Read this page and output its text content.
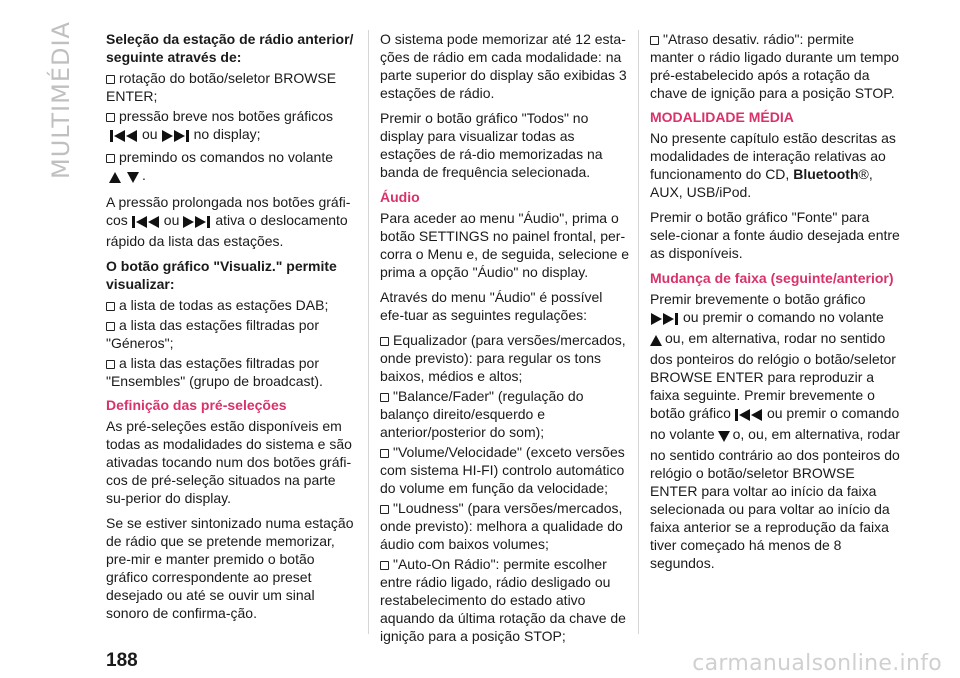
MULTIMÉDIA Seleção da estação de rádio anterior/ seguinte através de:
rotação do botão/seletor BROWSE ENTER;
pressão breve nos botões gráficos
ou	no display;
premindo os comandos no volante
.

A pressão prolongada nos botões gráfi-cos	ou	ativa o deslocamento rápido da lista das estações.

O botão gráfico "Visualiz." permite visualizar:
a lista de todas as estações DAB;
a lista das estações filtradas por "Géneros";
a lista das estações filtradas por "Ensembles" (grupo de broadcast).
Definição das pré-seleções

As pré-seleções estão disponíveis em todas as modalidades do sistema e são ativadas tocando num dos botões gráfi-cos de pré-seleção situados na parte su-perior do display.

Se se estiver sintonizado numa estação de rádio que se pretende memorizar, pre-mir e manter premido o botão gráfico correspondente ao preset desejado ou até se ouvir um sinal sonoro de confirma-ção.

O sistema pode memorizar até 12 esta-ções de rádio em cada modalidade: na parte superior do display são exibidas 3 estações de rádio.

Premir o botão gráfico "Todos" no display para visualizar todas as estações de rá-dio memorizadas na banda de frequência selecionada.

Áudio

Para aceder ao menu "Áudio", prima o botão SETTINGS no painel frontal, per-corra o Menu e, de seguida, selecione e prima a opção "Áudio" no display.

Através do menu "Áudio" é possível efe-tuar as seguintes regulações:

Equalizador (para versões/mercados, onde previsto): para regular os tons baixos, médios e altos;
"Balance/Fader" (regulação do balanço direito/esquerdo e anterior/posterior do som);
"Volume/Velocidade" (exceto versões com sistema HI-FI) controlo automático do volume em função da velocidade;
"Loudness" (para versões/mercados, onde previsto): melhora a qualidade do áudio com baixos volumes;
"Auto-On Rádio": permite escolher entre rádio ligado, rádio desligado ou restabelecimento do estado ativo aquando da última rotação da chave de ignição para a posição STOP;
"Atraso desativ. rádio": permite manter o rádio ligado durante um tempo pré-estabelecido após a rotação da chave de ignição para a posição STOP.
MODALIDADE MÉDIA

No presente capítulo estão descritas as modalidades de interação relativas ao funcionamento do CD, Bluetooth®, AUX, USB/iPod.

Premir o botão gráfico "Fonte" para sele-cionar a fonte áudio desejada entre as disponíveis.

Mudança de faixa (seguinte/anterior)

Premir brevemente o botão gráfico
ou premir o comando no volante
ou, em alternativa, rodar no sentido dos ponteiros do relógio o botão/seletor BROWSE ENTER para reproduzir a faixa seguinte. Premir brevemente o botão gráfico	ou premir o comando no volante o, ou, em alternativa, rodar no sentido contrário ao dos ponteiros do relógio o botão/seletor BROWSE ENTER para voltar ao início da faixa selecionada ou para voltar ao início da faixa anterior se a reprodução da faixa tiver começado há menos de 8 segundos.

188	carmanualsonline.info
